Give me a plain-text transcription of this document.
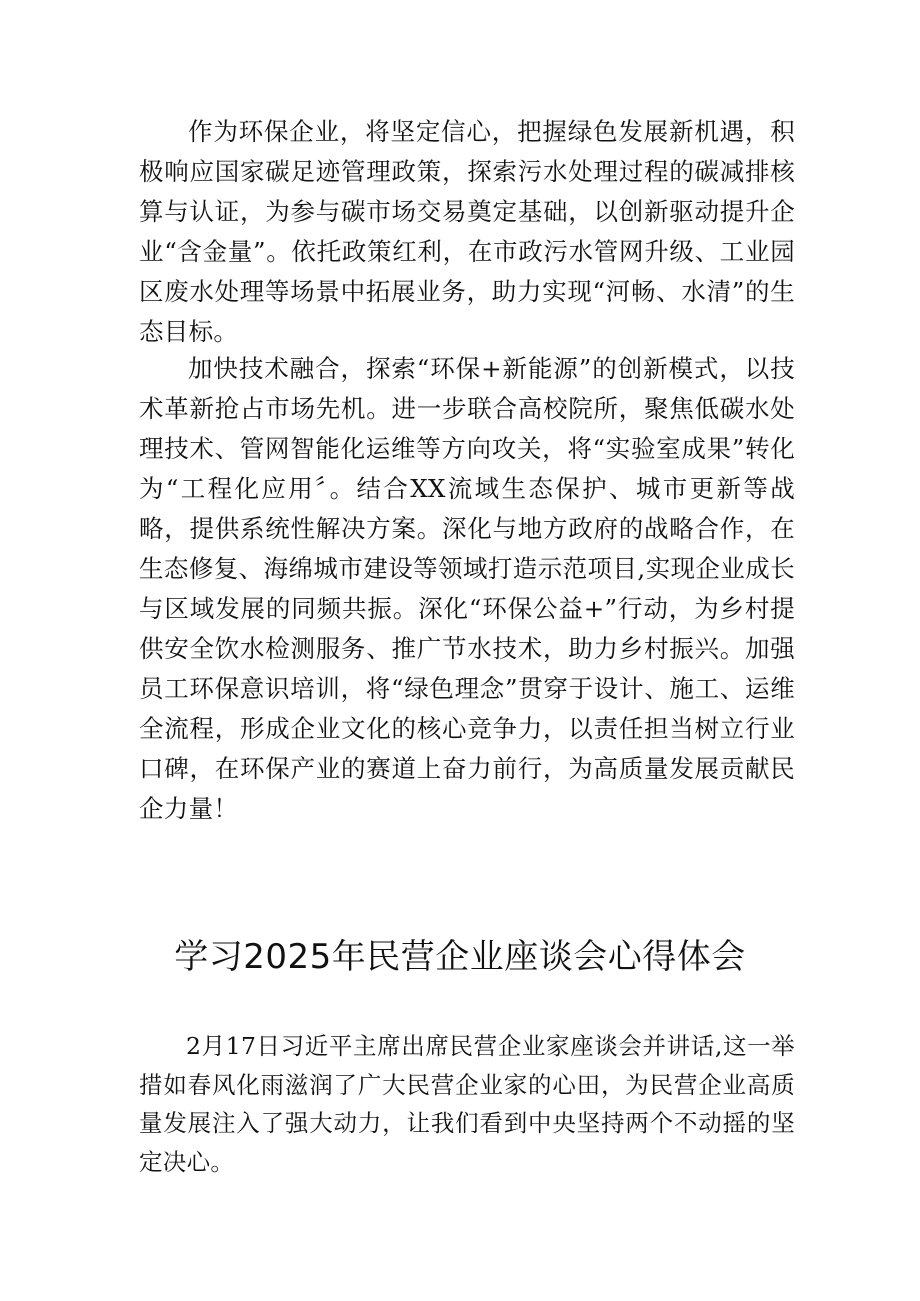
作为环保企业，将坚定信心，把握绿色发展新机遇，积极响应国家碳足迹管理政策，探索污水处理过程的碳减排核算与认证，为参与碳市场交易奠定基础，以创新驱动提升企业“含金量”。依托政策红利，在市政污水管网升级、工业园区废水处理等场景中拓展业务，助力实现“河畅、水清”的生态目标。

加快技术融合，探索“环保+新能源”的创新模式，以技术革新抢占市场先机。进一步联合高校院所，聚焦低碳水处理技术、管网智能化运维等方向攻关，将“实验室成果”转化为“工程化应用〞。结合XX流域生态保护、城市更新等战略，提供系统性解决方案。深化与地方政府的战略合作，在生态修复、海绵城市建设等领域打造示范项目,实现企业成长与区域发展的同频共振。深化“环保公益+”行动，为乡村提供安全饮水检测服务、推广节水技术，助力乡村振兴。加强员工环保意识培训，将“绿色理念”贯穿于设计、施工、运维全流程，形成企业文化的核心竞争力，以责任担当树立行业口碑，在环保产业的赛道上奋力前行，为高质量发展贡献民企力量！

学习2025年民营企业座谈会心得体会

2月17日习近平主席出席民营企业家座谈会并讲话,这一举措如春风化雨滋润了广大民营企业家的心田，为民营企业高质量发展注入了强大动力，让我们看到中央坚持两个不动摇的坚定决心。
